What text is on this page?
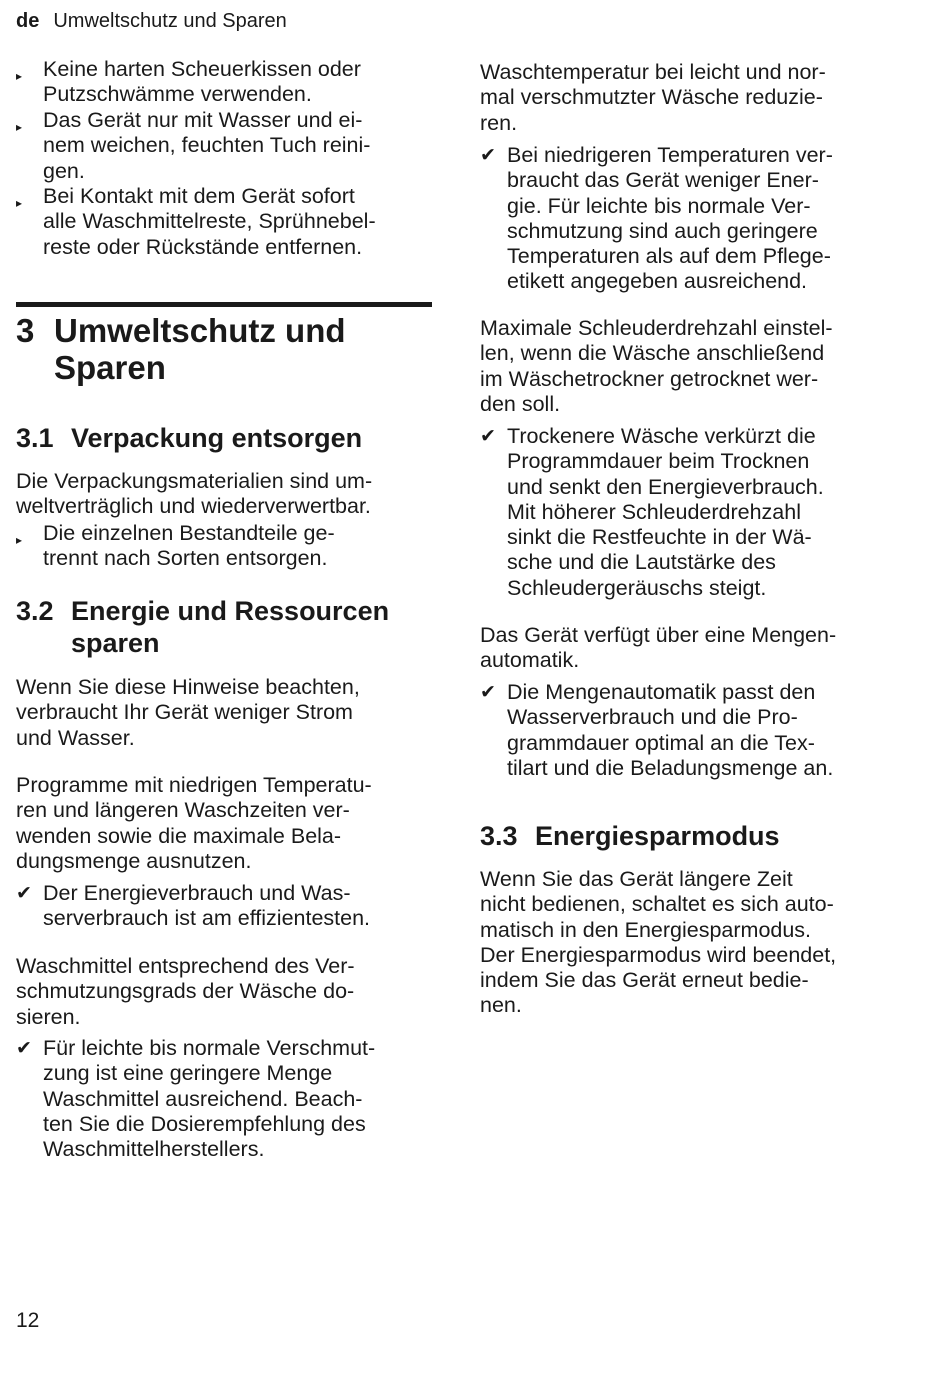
de Umweltschutz und Sparen
▸ Keine harten Scheuerkissen oder
Putzschwämme verwenden.
▸ Das Gerät nur mit Wasser und ei-
nem weichen, feuchten Tuch reini-
gen.
▸ Bei Kontakt mit dem Gerät sofort
alle Waschmittelreste, Sprühnebel-
reste oder Rückstände entfernen.
3 Umweltschutz und
Sparen
3.1 Verpackung entsorgen
Die Verpackungsmaterialien sind um-
weltverträglich und wiederverwertbar.
▸ Die einzelnen Bestandteile ge-
trennt nach Sorten entsorgen.
3.2 Energie und Ressourcen
sparen
Wenn Sie diese Hinweise beachten,
verbraucht Ihr Gerät weniger Strom
und Wasser.
Programme mit niedrigen Temperatu-
ren und längeren Waschzeiten ver-
wenden sowie die maximale Bela-
dungsmenge ausnutzen.
✔ Der Energieverbrauch und Was-
serverbrauch ist am effizientesten.
Waschmittel entsprechend des Ver-
schmutzungsgrads der Wäsche do-
sieren.
✔ Für leichte bis normale Verschmut-
zung ist eine geringere Menge
Waschmittel ausreichend. Beach-
ten Sie die Dosierempfehlung des
Waschmittelherstellers.
Waschtemperatur bei leicht und nor-
mal verschmutzter Wäsche reduzie-
ren.
✔ Bei niedrigeren Temperaturen ver-
braucht das Gerät weniger Ener-
gie. Für leichte bis normale Ver-
schmutzung sind auch geringere
Temperaturen als auf dem Pflege-
etikett angegeben ausreichend.
Maximale Schleuderdrehzahl einstel-
len, wenn die Wäsche anschließend
im Wäschetrockner getrocknet wer-
den soll.
✔ Trockenere Wäsche verkürzt die
Programmdauer beim Trocknen
und senkt den Energieverbrauch.
Mit höherer Schleuderdrehzahl
sinkt die Restfeuchte in der Wä-
sche und die Lautstärke des
Schleudergeräuschs steigt.
Das Gerät verfügt über eine Mengen-
automatik.
✔ Die Mengenautomatik passt den
Wasserverbrauch und die Pro-
grammdauer optimal an die Tex-
tilart und die Beladungsmenge an.
3.3 Energiesparmodus
Wenn Sie das Gerät längere Zeit
nicht bedienen, schaltet es sich auto-
matisch in den Energiesparmodus.
Der Energiesparmodus wird beendet,
indem Sie das Gerät erneut bedie-
nen.
12
